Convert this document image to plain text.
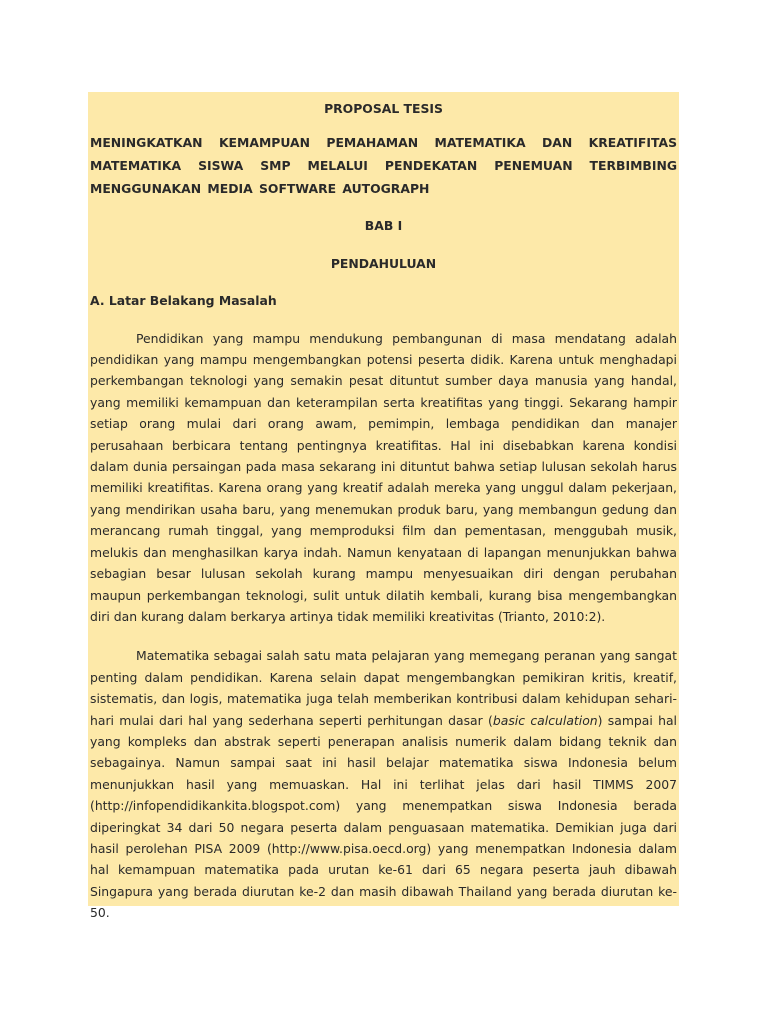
PROPOSAL TESIS

MENINGKATKAN KEMAMPUAN PEMAHAMAN MATEMATIKA DAN KREATIFITAS MATEMATIKA SISWA SMP MELALUI PENDEKATAN PENEMUAN TERBIMBING MENGGUNAKAN MEDIA SOFTWARE AUTOGRAPH

BAB I

PENDAHULUAN

A. Latar Belakang Masalah

Pendidikan yang mampu mendukung pembangunan di masa mendatang adalah pendidikan yang mampu mengembangkan potensi peserta didik. Karena untuk menghadapi perkembangan teknologi yang semakin pesat dituntut sumber daya manusia yang handal, yang memiliki kemampuan dan keterampilan serta kreatifitas yang tinggi. Sekarang hampir setiap orang mulai dari orang awam, pemimpin, lembaga pendidikan dan manajer perusahaan berbicara tentang pentingnya kreatifitas. Hal ini disebabkan karena kondisi dalam dunia persaingan pada masa sekarang ini dituntut bahwa setiap lulusan sekolah harus memiliki kreatifitas. Karena orang yang kreatif adalah mereka yang unggul dalam pekerjaan, yang mendirikan usaha baru, yang menemukan produk baru, yang membangun gedung dan merancang rumah tinggal, yang memproduksi film dan pementasan, menggubah musik, melukis dan menghasilkan karya indah. Namun kenyataan di lapangan menunjukkan bahwa sebagian besar lulusan sekolah kurang mampu menyesuaikan diri dengan perubahan maupun perkembangan teknologi, sulit untuk dilatih kembali, kurang bisa mengembangkan diri dan kurang dalam berkarya artinya tidak memiliki kreativitas (Trianto, 2010:2).

Matematika sebagai salah satu mata pelajaran yang memegang peranan yang sangat penting dalam pendidikan. Karena selain dapat mengembangkan pemikiran kritis, kreatif, sistematis, dan logis, matematika juga telah memberikan kontribusi dalam kehidupan sehari-hari mulai dari hal yang sederhana seperti perhitungan dasar (basic calculation) sampai hal yang kompleks dan abstrak seperti penerapan analisis numerik dalam bidang teknik dan sebagainya. Namun sampai saat ini hasil belajar matematika siswa Indonesia belum menunjukkan hasil yang memuaskan. Hal ini terlihat jelas dari hasil TIMMS 2007 (http://infopendidikankita.blogspot.com) yang menempatkan siswa Indonesia berada diperingkat 34 dari 50 negara peserta dalam penguasaan matematika. Demikian juga dari hasil perolehan PISA 2009 (http://www.pisa.oecd.org) yang menempatkan Indonesia dalam hal kemampuan matematika pada urutan ke-61 dari 65 negara peserta jauh dibawah Singapura yang berada diurutan ke-2 dan masih dibawah Thailand yang berada diurutan ke-50.
